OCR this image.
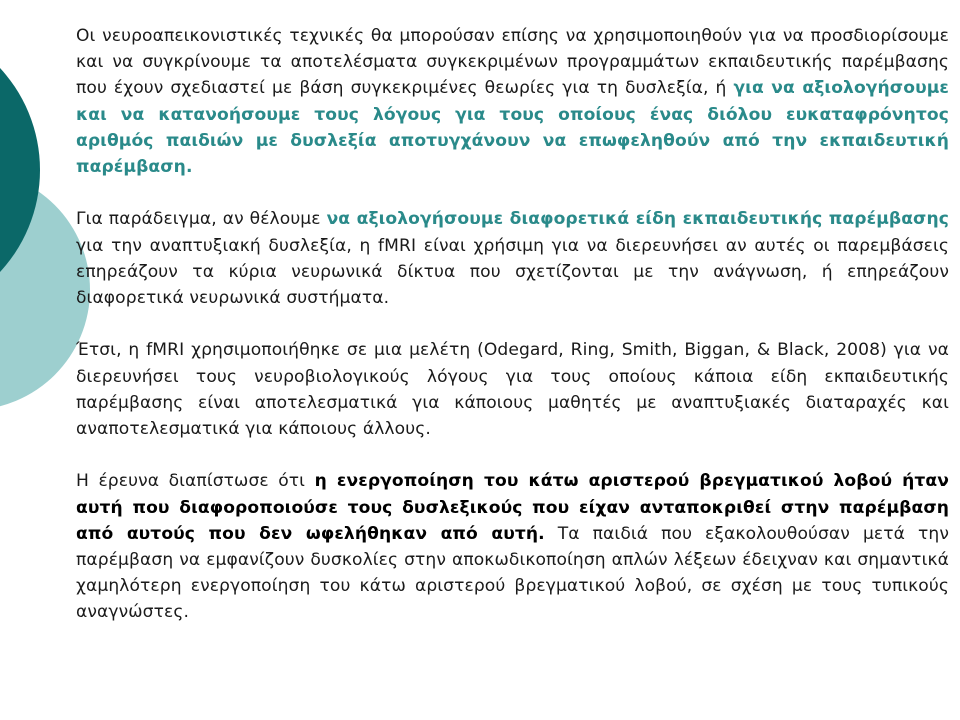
Οι νευροαπεικονιστικές τεχνικές θα μπορούσαν επίσης να χρησιμοποιηθούν για να προσδιορίσουμε και να συγκρίνουμε τα αποτελέσματα συγκεκριμένων προγραμμάτων εκπαιδευτικής παρέμβασης που έχουν σχεδιαστεί με βάση συγκεκριμένες θεωρίες για τη δυσλεξία, ή για να αξιολογήσουμε και να κατανοήσουμε τους λόγους για τους οποίους ένας διόλου ευκαταφρόνητος αριθμός παιδιών με δυσλεξία αποτυγχάνουν να επωφεληθούν από την εκπαιδευτική παρέμβαση.

Για παράδειγμα, αν θέλουμε να αξιολογήσουμε διαφορετικά είδη εκπαιδευτικής παρέμβασης για την αναπτυξιακή δυσλεξία, η fMRI είναι χρήσιμη για να διερευνήσει αν αυτές οι παρεμβάσεις επηρεάζουν τα κύρια νευρωνικά δίκτυα που σχετίζονται με την ανάγνωση, ή επηρεάζουν διαφορετικά νευρωνικά συστήματα.

Έτσι, η fMRI χρησιμοποιήθηκε σε μια μελέτη (Odegard, Ring, Smith, Biggan, & Black, 2008) για να διερευνήσει τους νευροβιολογικούς λόγους για τους οποίους κάποια είδη εκπαιδευτικής παρέμβασης είναι αποτελεσματικά για κάποιους μαθητές με αναπτυξιακές διαταραχές και αναποτελεσματικά για κάποιους άλλους.

Η έρευνα διαπίστωσε ότι η ενεργοποίηση του κάτω αριστερού βρεγματικού λοβού ήταν αυτή που διαφοροποιούσε τους δυσλεξικούς που είχαν ανταποκριθεί στην παρέμβαση από αυτούς που δεν ωφελήθηκαν από αυτή. Τα παιδιά που εξακολουθούσαν μετά την παρέμβαση να εμφανίζουν δυσκολίες στην αποκωδικοποίηση απλών λέξεων έδειχναν και σημαντικά χαμηλότερη ενεργοποίηση του κάτω αριστερού βρεγματικού λοβού, σε σχέση με τους τυπικούς αναγνώστες.
